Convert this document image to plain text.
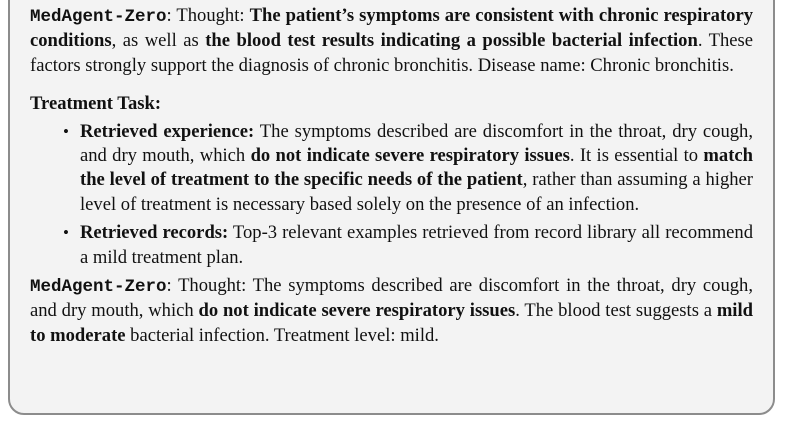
MedAgent-Zero: Thought: The patient’s symptoms are consistent with chronic respiratory conditions, as well as the blood test results indicating a possible bacterial infection. These factors strongly support the diagnosis of chronic bronchitis. Disease name: Chronic bronchitis.

Treatment Task:

• Retrieved experience: The symptoms described are discomfort in the throat, dry cough, and dry mouth, which do not indicate severe respiratory issues. It is essential to match the level of treatment to the specific needs of the patient, rather than assuming a higher level of treatment is necessary based solely on the presence of an infection.
• Retrieved records: Top-3 relevant examples retrieved from record library all recommend a mild treatment plan.

MedAgent-Zero: Thought: The symptoms described are discomfort in the throat, dry cough, and dry mouth, which do not indicate severe respiratory issues. The blood test suggests a mild to moderate bacterial infection. Treatment level: mild.
